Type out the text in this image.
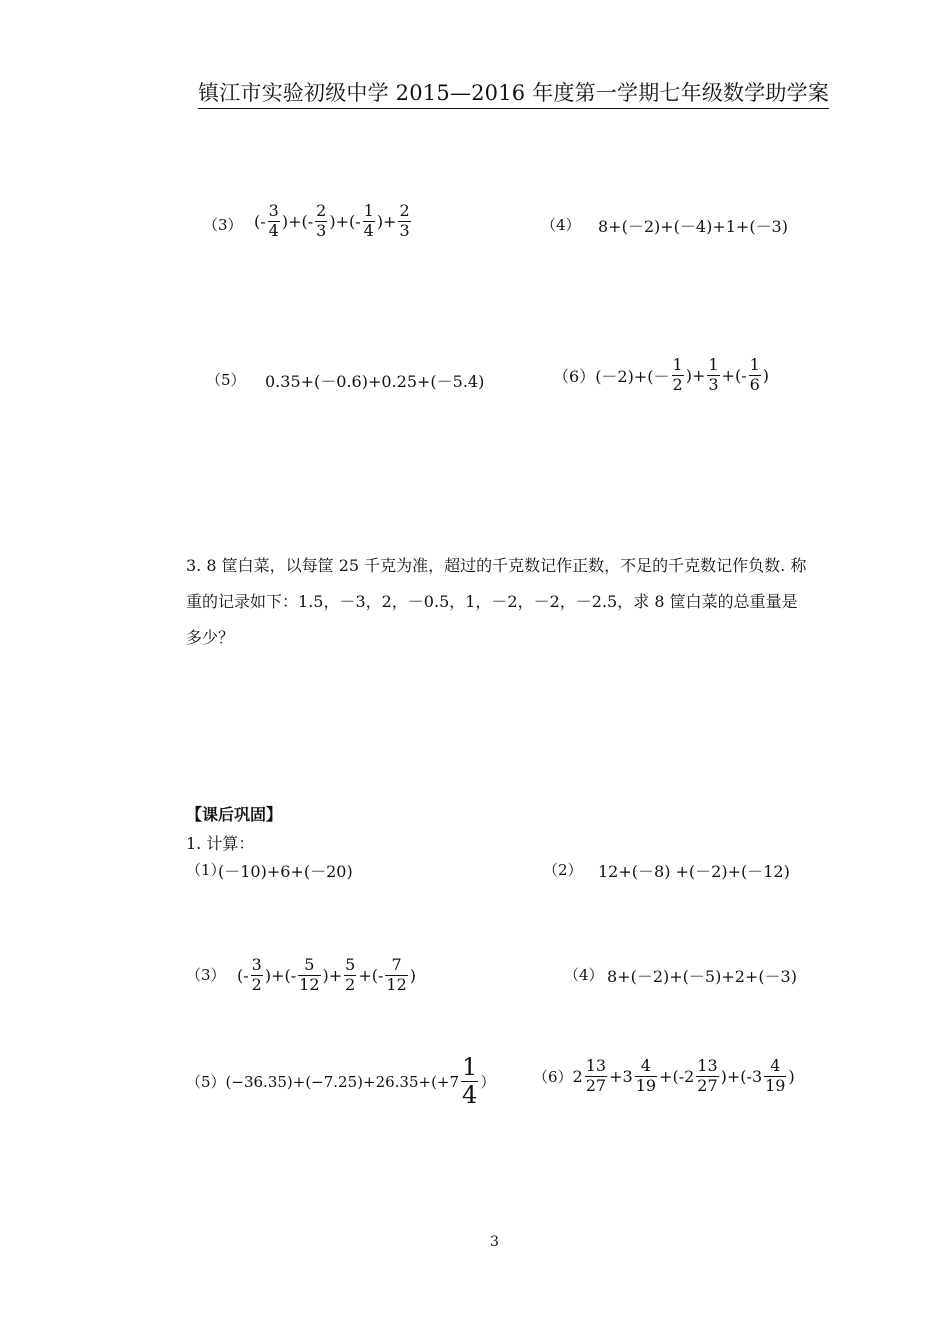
镇江市实验初级中学 2015—2016 年度第一学期七年级数学助学案
（3） (- $\frac{3}{4}$ )+(- $\frac{2}{3}$ )+(- $\frac{1}{4}$ )+ $\frac{2}{3}$	（4） 8+(－2)+(－4)+1+(－3)
（5） 0.35+(－0.6)+0.25+(－5.4)	（6） $(-2)+(- \frac{1}{2}$ )+ $\frac{1}{3}$ +(- $\frac{1}{6}$ )
3. 8 筐白菜，以每筐 25 千克为准，超过的千克数记作正数，不足的千克数记作负数. 称重的记录如下：1.5，－3，2，－0.5，1，－2，－2，－2.5，求 8 筐白菜的总重量是多少？
【课后巩固】
1. 计算：
（1）
(－10)+6+(－20)	（2） 12+(－8) +(－2)+(－12)
（3） (- $\frac{3}{2}$ )+(- $\frac{5}{12}$ )+ $\frac{5}{2}$ +(- $\frac{7}{12}$ )	（4） 8+(－2)+(－5)+2+(－3)
（5） $(-36.35)+(-7.25)+26.35+(+7 \frac{1}{4}$ ）	（6） $2 \frac{13}{27} +3 \frac{4}{19} +(-2 \frac{13}{27} )+(-3 \frac{4}{19}$ )
3
